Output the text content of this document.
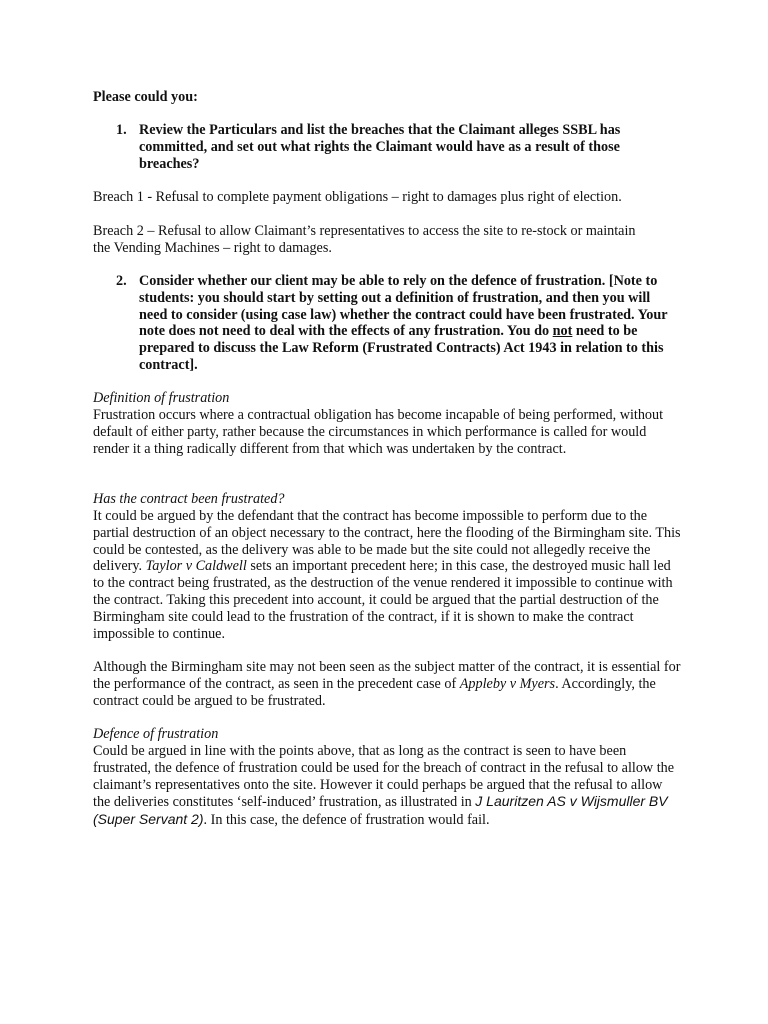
Please could you:

1. Review the Particulars and list the breaches that the Claimant alleges SSBL has committed, and set out what rights the Claimant would have as a result of those breaches?

Breach 1 - Refusal to complete payment obligations – right to damages plus right of election.

Breach 2 – Refusal to allow Claimant’s representatives to access the site to re-stock or maintain the Vending Machines – right to damages.

2. Consider whether our client may be able to rely on the defence of frustration. [Note to students: you should start by setting out a definition of frustration, and then you will need to consider (using case law) whether the contract could have been frustrated. Your note does not need to deal with the effects of any frustration. You do not need to be prepared to discuss the Law Reform (Frustrated Contracts) Act 1943 in relation to this contract].

Definition of frustration

Frustration occurs where a contractual obligation has become incapable of being performed, without default of either party, rather because the circumstances in which performance is called for would render it a thing radically different from that which was undertaken by the contract.

Has the contract been frustrated?

It could be argued by the defendant that the contract has become impossible to perform due to the partial destruction of an object necessary to the contract, here the flooding of the Birmingham site. This could be contested, as the delivery was able to be made but the site could not allegedly receive the delivery. Taylor v Caldwell sets an important precedent here; in this case, the destroyed music hall led to the contract being frustrated, as the destruction of the venue rendered it impossible to continue with the contract. Taking this precedent into account, it could be argued that the partial destruction of the Birmingham site could lead to the frustration of the contract, if it is shown to make the contract impossible to continue.

Although the Birmingham site may not been seen as the subject matter of the contract, it is essential for the performance of the contract, as seen in the precedent case of Appleby v Myers. Accordingly, the contract could be argued to be frustrated.

Defence of frustration

Could be argued in line with the points above, that as long as the contract is seen to have been frustrated, the defence of frustration could be used for the breach of contract in the refusal to allow the claimant’s representatives onto the site. However it could perhaps be argued that the refusal to allow the deliveries constitutes ‘self-induced’ frustration, as illustrated in J Lauritzen AS v Wijsmuller BV (Super Servant 2). In this case, the defence of frustration would fail.
